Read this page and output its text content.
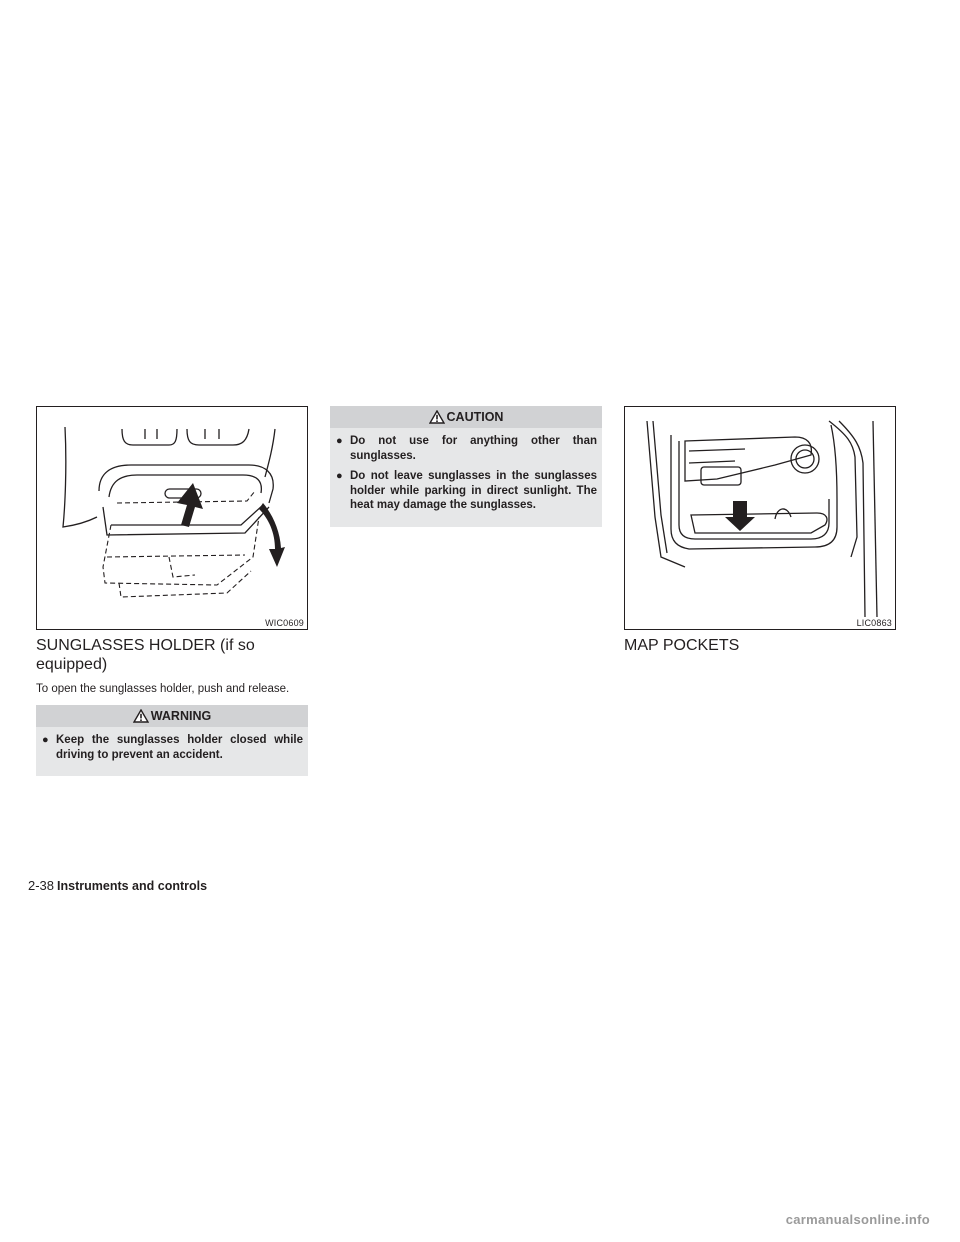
WIC0609
SUNGLASSES HOLDER (if so
equipped)

To open the sunglasses holder, push and release.

WARNING
● Keep the sunglasses holder closed while driving to prevent an accident.
CAUTION
● Do not use for anything other than sunglasses.
● Do not leave sunglasses in the sunglasses holder while parking in direct sunlight. The heat may damage the sunglasses.
LIC0863
MAP POCKETS
2-38 Instruments and controls
carmanualsonline.info
